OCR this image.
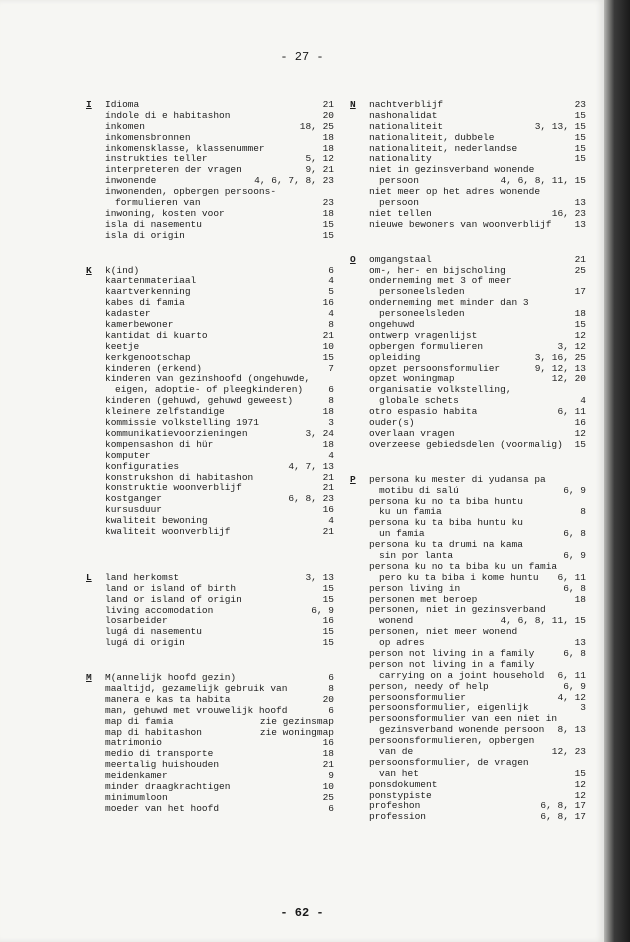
- 27 -
I Idioma	21
índole di e habitashon	20
inkomen	18, 25
inkomensbronnen	18
inkomensklasse, klassenummer	18
instrukties teller	5, 12
interpreteren der vragen	9, 21
inwonende	4, 6, 7, 8, 23
inwonenden, opbergen persoons-
formulieren van	23
inwoning, kosten voor	18
isla di nasementu	15
isla di origin	15
K k(ind)	6
kaartenmateriaal	4
kaartverkenning	5
kabes di famia	16
kadaster	4
kamerbewoner	8
kantidat di kuarto	21
keetje	10
kerkgenootschap	15
kinderen (erkend)	7
kinderen van gezinshoofd (ongehuwde,
eigen, adoptie- of pleegkinderen)	6
kinderen (gehuwd, gehuwd geweest)	8
kleinere zelfstandige	18
kommissie volkstelling 1971	3
kommunikatievoorzieningen	3, 24
kompensashon di hür	18
komputer	4
konfiguraties	4, 7, 13
konstrukshon di habitashon	21
konstruktie woonverblijf	21
kostganger	6, 8, 23
kursusduur	16
kwaliteit bewoning	4
kwaliteit woonverblijf	21
L land herkomst	3, 13
land or island of birth	15
land or island of origin	15
living accomodation	6, 9
losarbeider	16
lugá di nasementu	15
lugá di origin	15
M M(annelijk hoofd gezin)	6
maaltijd, gezamelijk gebruik van	8
manera e kas ta habita	20
man, gehuwd met vrouwelijk hoofd	6
map di famia	zie gezinsmap
map di habitashon	zie woningmap
matrimonio	16
medio di transporte	18
meertalig huishouden	21
meidenkamer	9
minder draagkrachtigen	10
minimumloon	25
moeder van het hoofd	6
N nachtverblijf	23
nashonalidat	15
nationaliteit	3, 13, 15
nationaliteit, dubbele	15
nationaliteit, nederlandse	15
nationality	15
niet in gezinsverband wonende
persoon	4, 6, 8, 11, 15
niet meer op het adres wonende
persoon	13
niet tellen	16, 23
nieuwe bewoners van woonverblijf 13
O omgangstaal	21
om-, her- en bijscholing	25
onderneming met 3 of meer
personeelsleden	17
onderneming met minder dan 3
personeelsleden	18
ongehuwd	15
ontwerp vragenlijst	12
opbergen formulieren	3, 12
opleiding	3, 16, 25
opzet persoonsformulier	9, 12, 13
opzet woningmap	12, 20
organisatie volkstelling,
globale schets	4
otro espasio habita	6, 11
ouder(s)	16
overlaan vragen	12
overzeese gebiedsdelen (voormalig) 15
P persona ku mester di yudansa pa
motibu di salú	6, 9
persona ku no ta biba huntu
ku un famia	8
persona ku ta biba huntu ku
un famia	6, 8
persona ku ta drumi na kama
sin por lanta	6, 9
persona ku no ta biba ku un famia
pero ku ta biba i kome huntu 6, 11
person living in	6, 8
personen met beroep	18
personen, niet in gezinsverband
wonend	4, 6, 8, 11, 15
personen, niet meer wonend
op adres	13
person not living in a family	6, 8
person not living in a family
carrying on a joint household 6, 11
person, needy of help	6, 9
persoonsformulier	4, 12
persoonsformulier, eigenlijk	3
persoonsformulier van een niet in
gezinsverband wonende persoon 8, 13
persoonsformulieren, opbergen
van de	12, 23
persoonsformulier, de vragen
van het	15
ponsdokument	12
ponstypiste	12
profeshon	6, 8, 17
profession	6, 8, 17
- 62 -
